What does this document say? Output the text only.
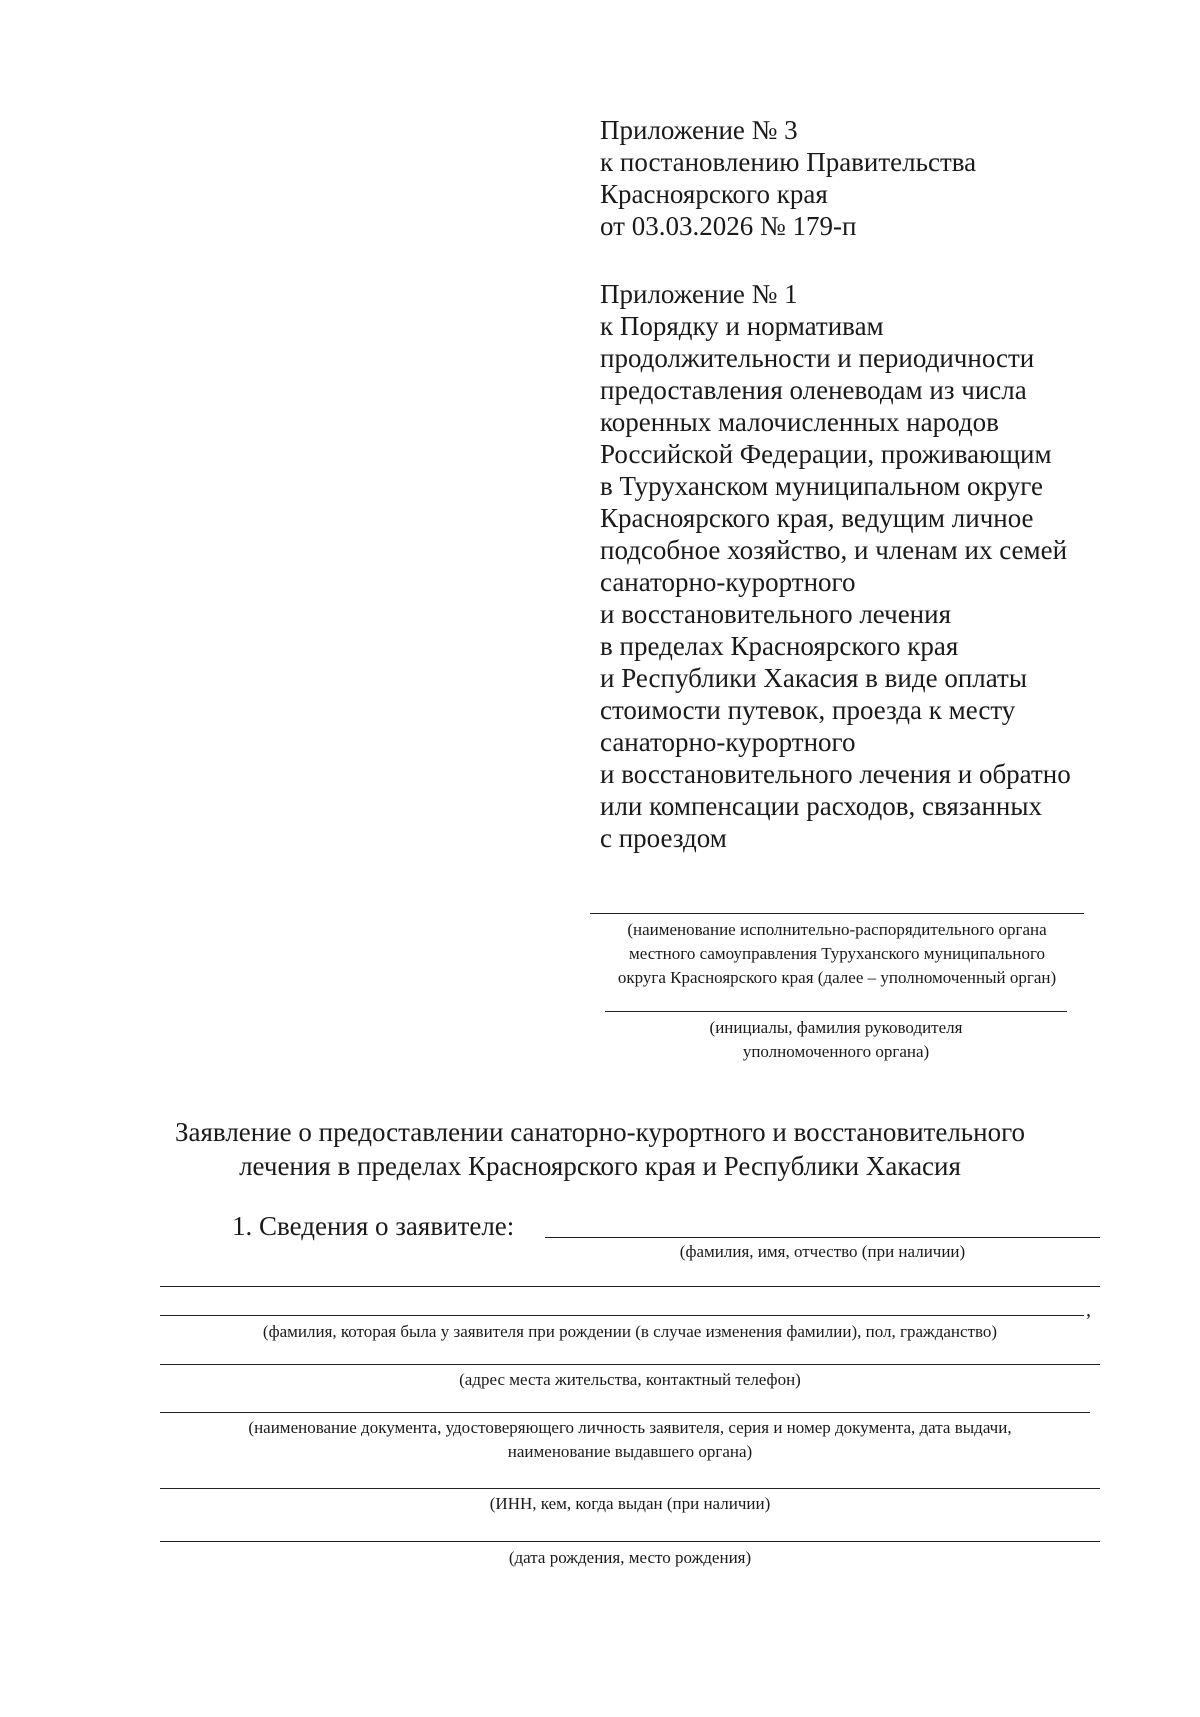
Приложение № 3
к постановлению Правительства
Красноярского края
от 03.03.2026 № 179-п
Приложение № 1
к Порядку и нормативам
продолжительности и периодичности
предоставления оленеводам из числа
коренных малочисленных народов
Российской Федерации, проживающим
в Туруханском муниципальном округе
Красноярского края, ведущим личное
подсобное хозяйство, и членам их семей
санаторно-курортного
и восстановительного лечения
в пределах Красноярского края
и Республики Хакасия в виде оплаты
стоимости путевок, проезда к месту
санаторно-курортного
и восстановительного лечения и обратно
или компенсации расходов, связанных
с проездом
(наименование исполнительно-распорядительного органа
местного самоуправления Туруханского муниципального
округа Красноярского края (далее – уполномоченный орган)
(инициалы, фамилия руководителя
уполномоченного органа)
Заявление о предоставлении санаторно-курортного и восстановительного
лечения в пределах Красноярского края и Республики Хакасия
1. Сведения о заявителе:
(фамилия, имя, отчество (при наличии)
,
(фамилия, которая была у заявителя при рождении (в случае изменения фамилии), пол, гражданство)
(адрес места жительства, контактный телефон)
(наименование документа, удостоверяющего личность заявителя, серия и номер документа, дата выдачи,
наименование выдавшего органа)
(ИНН, кем, когда выдан (при наличии)
(дата рождения, место рождения)
